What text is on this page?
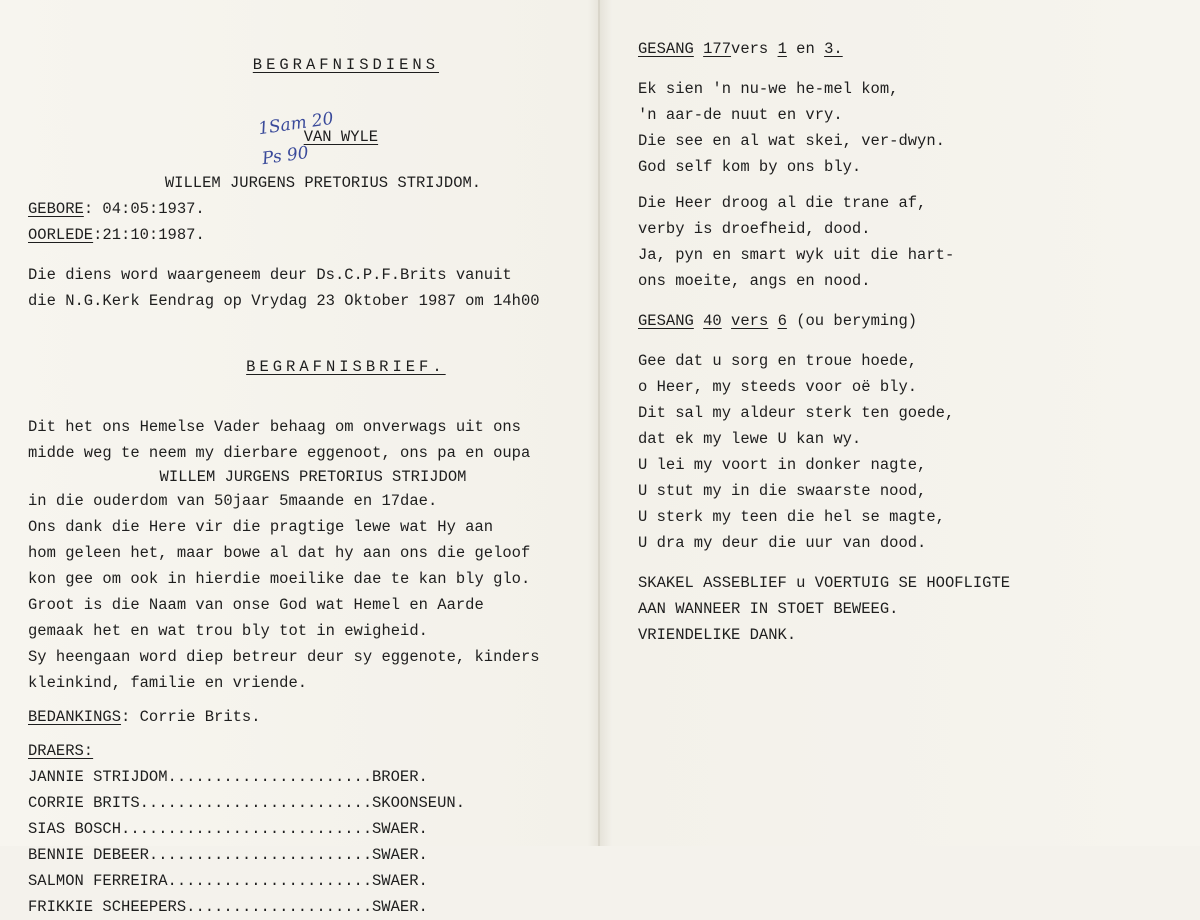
BEGRAFNISDIENS

VAN WYLE

WILLEM JURGENS PRETORIUS STRIJDOM.
GEBORE: 04:05:1937.
OORLEDE:21:10:1987.
Die diens word waargeneem deur Ds.C.P.F.Brits vanuit
die N.G.Kerk Eendrag op Vrydag 23 Oktober 1987 om 14h00

BEGRAFNISBRIEF.

Dit het ons Hemelse Vader behaag om onverwags uit ons
midde weg te neem my dierbare eggenoot, ons pa en oupa
WILLEM JURGENS PRETORIUS STRIJDOM
in die ouderdom van 50jaar 5maande en 17dae.
Ons dank die Here vir die pragtige lewe wat Hy aan
hom geleen het, maar bowe al dat hy aan ons die geloof
kon gee om ook in hierdie moeilike dae te kan bly glo.
Groot is die Naam van onse God wat Hemel en Aarde
gemaak het en wat trou bly tot in ewigheid.
Sy heengaan word diep betreur deur sy eggenote, kinders
kleinkind, familie en vriende.
BEDANKINGS: Corrie Brits.
DRAERS:
JANNIE STRIJDOM .....	BROER.
CORRIE BRITS .....	SKOONSEUN.
SIAS BOSCH .....	SWAER.
BENNIE DEBEER .....	SWAER.
SALMON FERREIRA .....	SWAER.
FRIKKIE SCHEEPERS .....	SWAER.
1Sam 20
Ps 90
GESANG 177vers 1 en 3.
Ek sien 'n nu-we he-mel kom,
'n aar-de nuut en vry.
Die see en al wat skei, ver-dwyn.
God self kom by ons bly.
Die Heer droog al die trane af,
verby is droefheid, dood.
Ja, pyn en smart wyk uit die hart-
ons moeite, angs en nood.
GESANG 40 vers 6 (ou beryming)
Gee dat u sorg en troue hoede,
o Heer, my steeds voor oë bly.
Dit sal my aldeur sterk ten goede,
dat ek my lewe U kan wy.
U lei my voort in donker nagte,
U stut my in die swaarste nood,
U sterk my teen die hel se magte,
U dra my deur die uur van dood.
SKAKEL ASSEBLIEF u VOERTUIG SE HOOFLIGTE
AAN WANNEER IN STOET BEWEEG.
VRIENDELIKE DANK.
